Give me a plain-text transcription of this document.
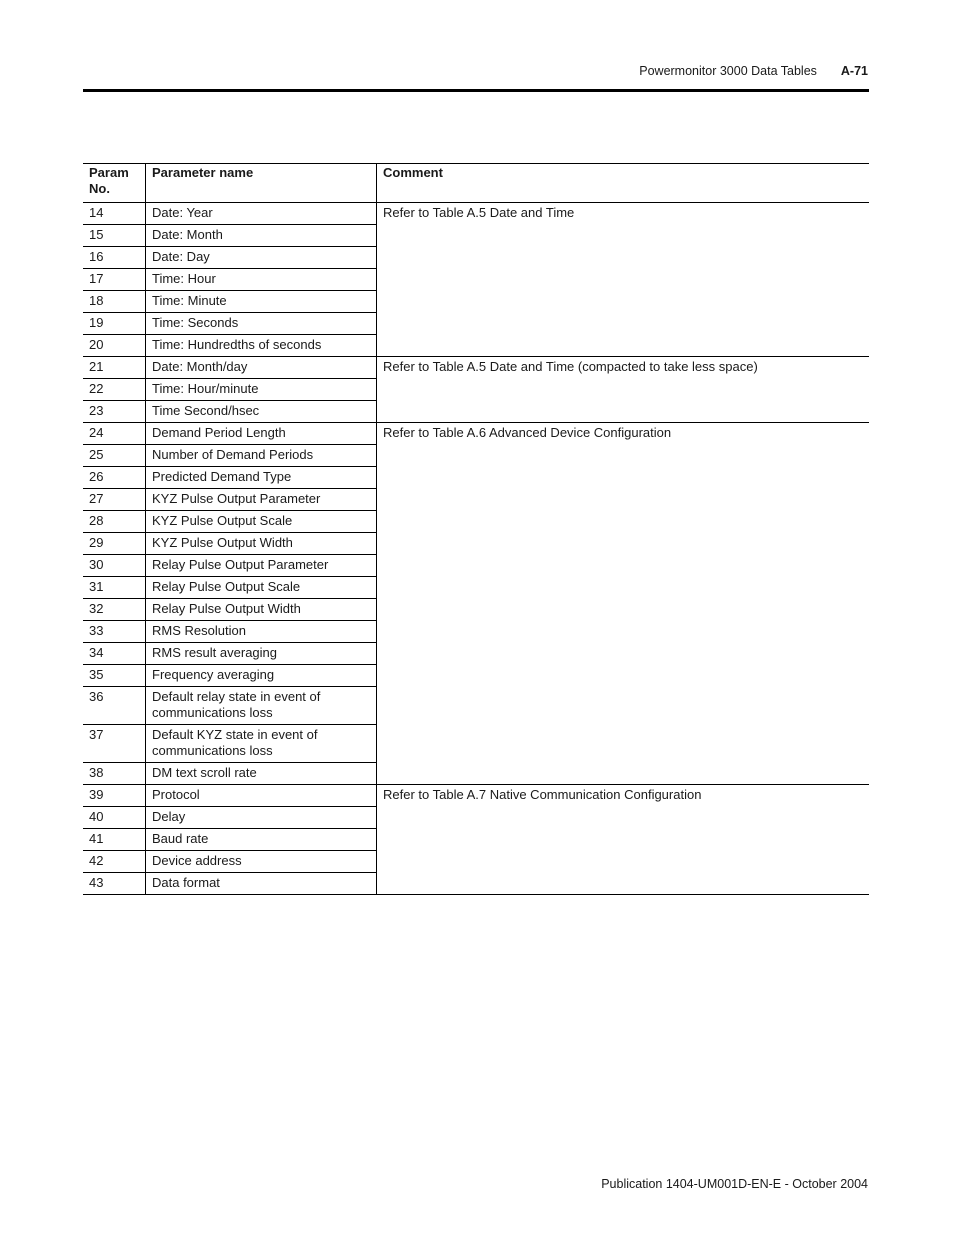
Powermonitor 3000 Data Tables A-71
Param No.	Parameter name	Comment
14	Date: Year	Refer to Table A.5 Date and Time
15	Date: Month	
16	Date: Day	
17	Time: Hour	
18	Time: Minute	
19	Time: Seconds	
20	Time: Hundredths of seconds	
21	Date: Month/day	Refer to Table A.5 Date and Time (compacted to take less space)
22	Time: Hour/minute	
23	Time Second/hsec	
24	Demand Period Length	Refer to Table A.6 Advanced Device Configuration
25	Number of Demand Periods	
26	Predicted Demand Type	
27	KYZ Pulse Output Parameter	
28	KYZ Pulse Output Scale	
29	KYZ Pulse Output Width	
30	Relay Pulse Output Parameter	
31	Relay Pulse Output Scale	
32	Relay Pulse Output Width	
33	RMS Resolution	
34	RMS result averaging	
35	Frequency averaging	
36	Default relay state in event of communications loss	
37	Default KYZ state in event of communications loss	
38	DM text scroll rate	
39	Protocol	Refer to Table A.7 Native Communication Configuration
40	Delay	
41	Baud rate	
42	Device address	
43	Data format	
Publication 1404-UM001D-EN-E - October 2004
